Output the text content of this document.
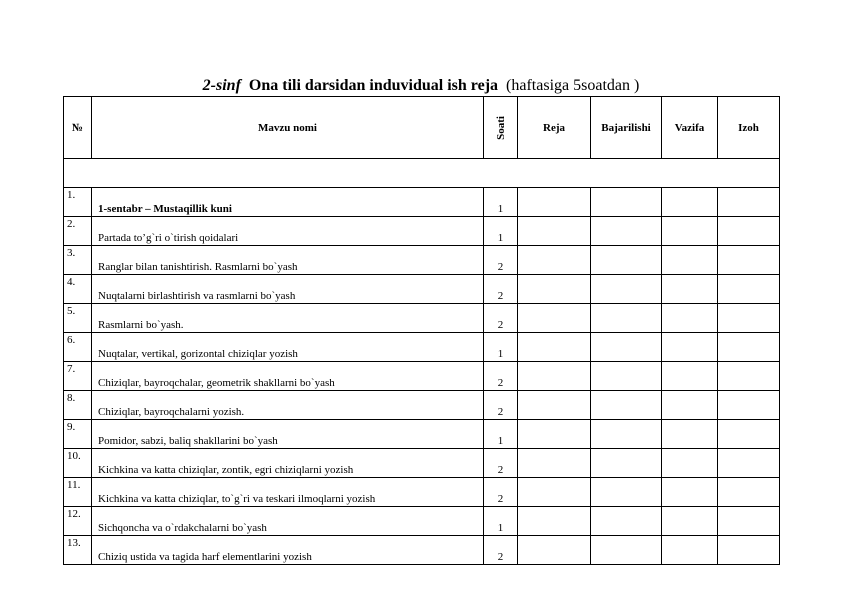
2-sinf Ona tili darsidan induvidual ish reja (haftasiga 5soatdan )
№	Mavzu nomi	Soati	Reja	Bajarilishi	Vazifa	Izoh

1.	1-sentabr – Mustaqillik kuni	1				
2.	Partada to’g`ri o`tirish qoidalari	1				
3.	Ranglar bilan tanishtirish. Rasmlarni bo`yash	2				
4.	Nuqtalarni birlashtirish va rasmlarni bo`yash	2				
5.	Rasmlarni bo`yash.	2				
6.	Nuqtalar, vertikal, gorizontal chiziqlar yozish	1				
7.	Chiziqlar, bayroqchalar, geometrik shakllarni bo`yash	2				
8.	Chiziqlar, bayroqchalarni yozish.	2				
9.	Pomidor, sabzi, baliq shakllarini bo`yash	1				
10.	Kichkina va katta chiziqlar, zontik, egri chiziqlarni yozish	2				
11.	Kichkina va katta chiziqlar, to`g`ri va teskari ilmoqlarni yozish	2				
12.	Sichqoncha va o`rdakchalarni bo`yash	1				
13.	Chiziq ustida va tagida harf elementlarini yozish	2				
